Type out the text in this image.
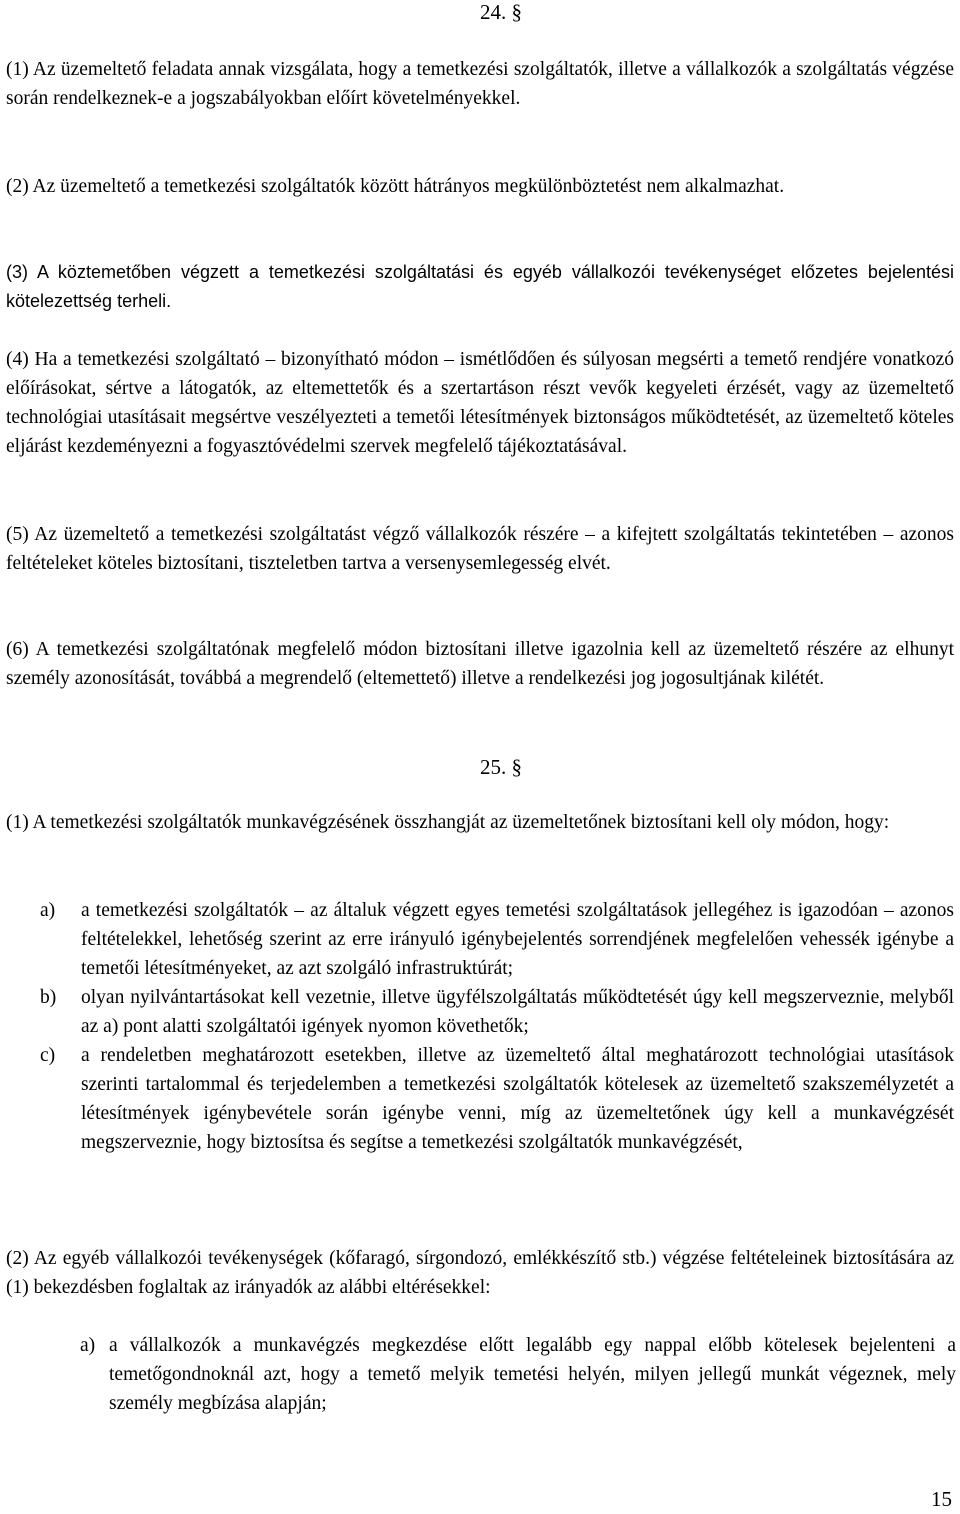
24. §

(1) Az üzemeltető feladata annak vizsgálata, hogy a temetkezési szolgáltatók, illetve a vállalkozók a szolgáltatás végzése során rendelkeznek-e a jogszabályokban előírt követelményekkel.

(2) Az üzemeltető a temetkezési szolgáltatók között hátrányos megkülönböztetést nem alkalmazhat.

(3) A köztemetőben végzett a temetkezési szolgáltatási és egyéb vállalkozói tevékenységet előzetes bejelentési kötelezettség terheli.

(4) Ha a temetkezési szolgáltató – bizonyítható módon – ismétlődően és súlyosan megsérti a temető rendjére vonatkozó előírásokat, sértve a látogatók, az eltemettetők és a szertartáson részt vevők kegyeleti érzését, vagy az üzemeltető technológiai utasításait megsértve veszélyezteti a temetői létesítmények biztonságos működtetését, az üzemeltető köteles eljárást kezdeményezni a fogyasztóvédelmi szervek megfelelő tájékoztatásával.

(5) Az üzemeltető a temetkezési szolgáltatást végző vállalkozók részére – a kifejtett szolgáltatás tekintetében – azonos feltételeket köteles biztosítani, tiszteletben tartva a versenysemlegesség elvét.

(6) A temetkezési szolgáltatónak megfelelő módon biztosítani illetve igazolnia kell az üzemeltető részére az elhunyt személy azonosítását, továbbá a megrendelő (eltemettető) illetve a rendelkezési jog jogosultjának kilétét.

25. §

(1) A temetkezési szolgáltatók munkavégzésének összhangját az üzemeltetőnek biztosítani kell oly módon, hogy:

a) a temetkezési szolgáltatók – az általuk végzett egyes temetési szolgáltatások jellegéhez is igazodóan – azonos feltételekkel, lehetőség szerint az erre irányuló igénybejelentés sorrendjének megfelelően vehessék igénybe a temetői létesítményeket, az azt szolgáló infrastruktúrát;
b) olyan nyilvántartásokat kell vezetnie, illetve ügyfélszolgáltatás működtetését úgy kell megszerveznie, melyből az a) pont alatti szolgáltatói igények nyomon követhetők;
c) a rendeletben meghatározott esetekben, illetve az üzemeltető által meghatározott technológiai utasítások szerinti tartalommal és terjedelemben a temetkezési szolgáltatók kötelesek az üzemeltető szakszemélyzetét a létesítmények igénybevétele során igénybe venni, míg az üzemeltetőnek úgy kell a munkavégzését megszerveznie, hogy biztosítsa és segítse a temetkezési szolgáltatók munkavégzését,

(2) Az egyéb vállalkozói tevékenységek (kőfaragó, sírgondozó, emlékkészítő stb.) végzése feltételeinek biztosítására az (1) bekezdésben foglaltak az irányadók az alábbi eltérésekkel:

a) a vállalkozók a munkavégzés megkezdése előtt legalább egy nappal előbb kötelesek bejelenteni a temetőgondnoknál azt, hogy a temető melyik temetési helyén, milyen jellegű munkát végeznek, mely személy megbízása alapján;
15
